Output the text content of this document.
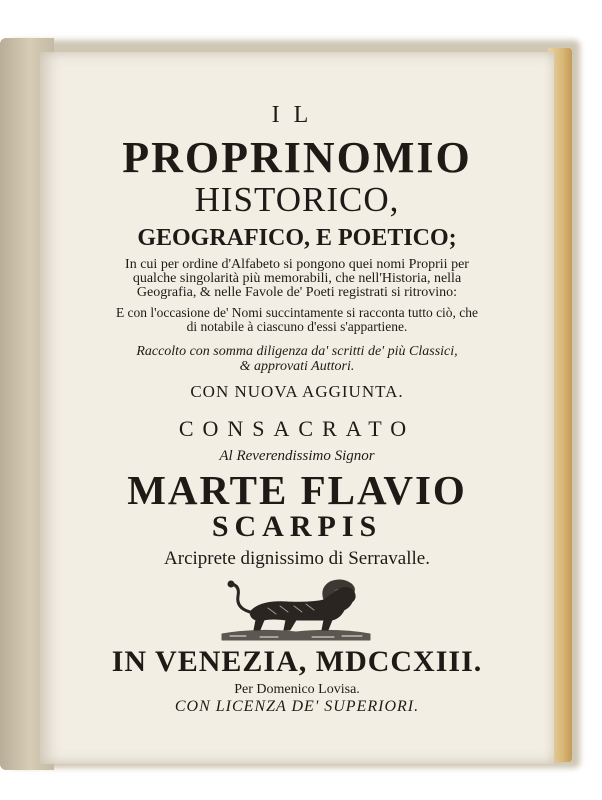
IL
PROPRINOMIO
HISTORICO,
GEOGRAFICO, E POETICO;
In cui per ordine d'Alfabeto si pongono quei nomi Proprii per
qualche singolarità più memorabili, che nell'Historia, nella
Geografia, & nelle Favole de' Poeti registrati si ritrovino:
E con l'occasione de' Nomi succintamente si racconta tutto ciò, che
di notabile à ciascuno d'essi s'appartiene.
Raccolto con somma diligenza da' scritti de' più Classici,
& approvati Auttori.
CON NUOVA AGGIUNTA.
CONSACRATO
Al Reverendissimo Signor
MARTE FLAVIO
SCARPIS
Arciprete dignissimo di Serravalle.
IN VENEZIA, MDCCXIII.
Per Domenico Lovisa.
CON LICENZA DE' SUPERIORI.
